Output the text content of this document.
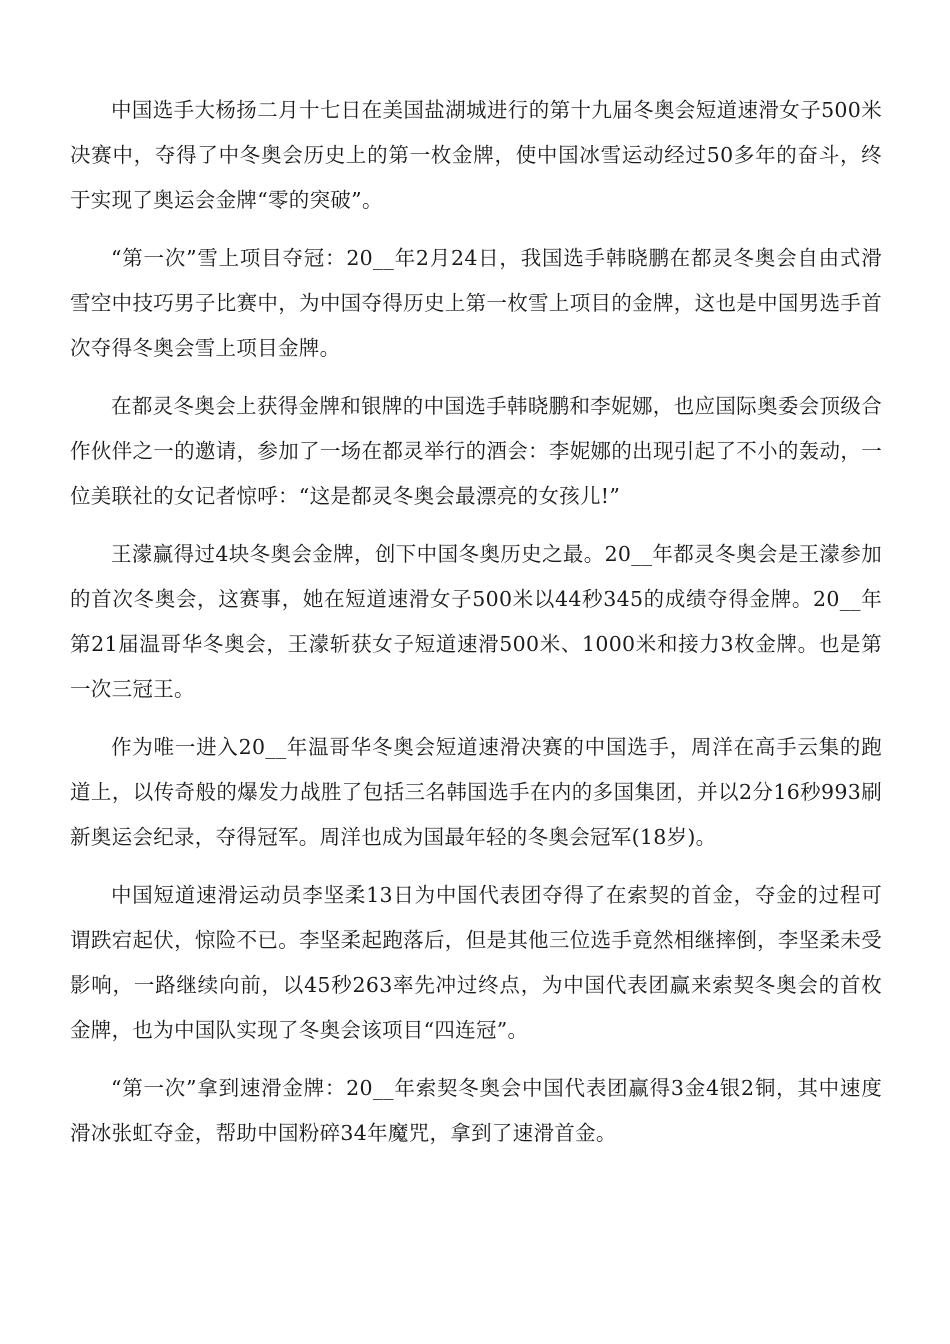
中国选手大杨扬二月十七日在美国盐湖城进行的第十九届冬奥会短道速滑女子500米决赛中，夺得了中冬奥会历史上的第一枚金牌，使中国冰雪运动经过50多年的奋斗，终于实现了奥运会金牌“零的突破”。

“第一次”雪上项目夺冠：20__年2月24日，我国选手韩晓鹏在都灵冬奥会自由式滑雪空中技巧男子比赛中，为中国夺得历史上第一枚雪上项目的金牌，这也是中国男选手首次夺得冬奥会雪上项目金牌。

在都灵冬奥会上获得金牌和银牌的中国选手韩晓鹏和李妮娜，也应国际奥委会顶级合作伙伴之一的邀请，参加了一场在都灵举行的酒会：李妮娜的出现引起了不小的轰动，一位美联社的女记者惊呼：“这是都灵冬奥会最漂亮的女孩儿!”

王濛赢得过4块冬奥会金牌，创下中国冬奥历史之最。20__年都灵冬奥会是王濛参加的首次冬奥会，这赛事，她在短道速滑女子500米以44秒345的成绩夺得金牌。20__年第21届温哥华冬奥会，王濛斩获女子短道速滑500米、1000米和接力3枚金牌。也是第一次三冠王。

作为唯一进入20__年温哥华冬奥会短道速滑决赛的中国选手，周洋在高手云集的跑道上，以传奇般的爆发力战胜了包括三名韩国选手在内的多国集团，并以2分16秒993刷新奥运会纪录，夺得冠军。周洋也成为国最年轻的冬奥会冠军(18岁)。

中国短道速滑运动员李坚柔13日为中国代表团夺得了在索契的首金，夺金的过程可谓跌宕起伏，惊险不已。李坚柔起跑落后，但是其他三位选手竟然相继摔倒，李坚柔未受影响，一路继续向前，以45秒263率先冲过终点，为中国代表团赢来索契冬奥会的首枚金牌，也为中国队实现了冬奥会该项目“四连冠”。

“第一次”拿到速滑金牌：20__年索契冬奥会中国代表团赢得3金4银2铜，其中速度滑冰张虹夺金，帮助中国粉碎34年魔咒，拿到了速滑首金。
